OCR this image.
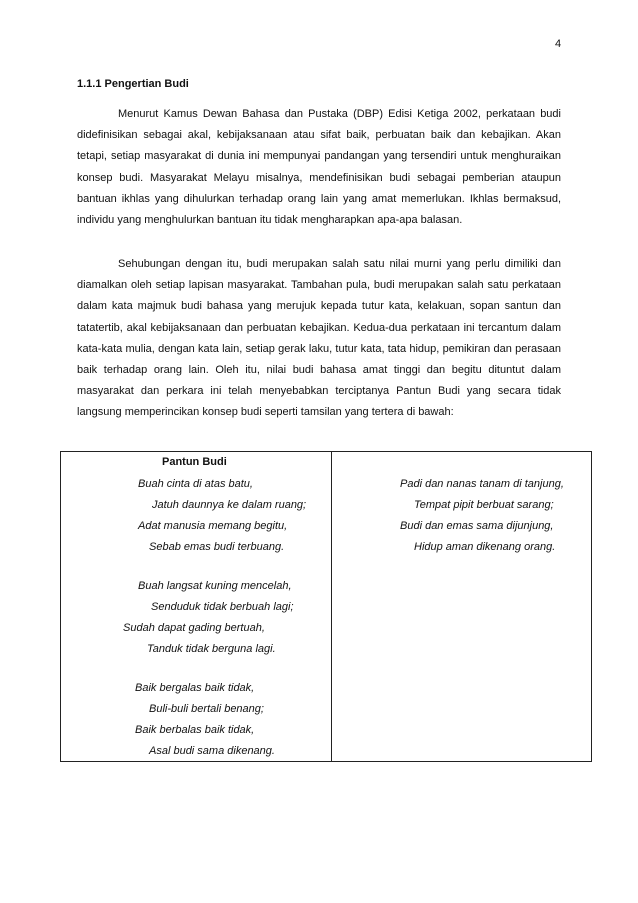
4
1.1.1 Pengertian Budi

Menurut Kamus Dewan Bahasa dan Pustaka (DBP) Edisi Ketiga 2002, perkataan budi didefinisikan sebagai akal, kebijaksanaan atau sifat baik, perbuatan baik dan kebajikan. Akan tetapi, setiap masyarakat di dunia ini mempunyai pandangan yang tersendiri untuk menghuraikan konsep budi. Masyarakat Melayu misalnya, mendefinisikan budi sebagai pemberian ataupun bantuan ikhlas yang dihulurkan terhadap orang lain yang amat memerlukan. Ikhlas bermaksud, individu yang menghulurkan bantuan itu tidak mengharapkan apa-apa balasan.

Sehubungan dengan itu, budi merupakan salah satu nilai murni yang perlu dimiliki dan diamalkan oleh setiap lapisan masyarakat. Tambahan pula, budi merupakan salah satu perkataan dalam kata majmuk budi bahasa yang merujuk kepada tutur kata, kelakuan, sopan santun dan tatatertib, akal kebijaksanaan dan perbuatan kebajikan. Kedua-dua perkataan ini tercantum dalam kata-kata mulia, dengan kata lain, setiap gerak laku, tutur kata, tata hidup, pemikiran dan perasaan baik terhadap orang lain. Oleh itu, nilai budi bahasa amat tinggi dan begitu dituntut dalam masyarakat dan perkara ini telah menyebabkan terciptanya Pantun Budi yang secara tidak langsung memperincikan konsep budi seperti tamsilan yang tertera di bawah:

Pantun Budi
Buah cinta di atas batu,
Jatuh daunnya ke dalam ruang;
Adat manusia memang begitu,
Sebab emas budi terbuang.
Buah langsat kuning mencelah,
Senduduk tidak berbuah lagi;
Sudah dapat gading bertuah,
Tanduk tidak berguna lagi.
Baik bergalas baik tidak,
Buli-buli bertali benang;
Baik berbalas baik tidak,
Asal budi sama dikenang.
Padi dan nanas tanam di tanjung,
Tempat pipit berbuat sarang;
Budi dan emas sama dijunjung,
Hidup aman dikenang orang.
